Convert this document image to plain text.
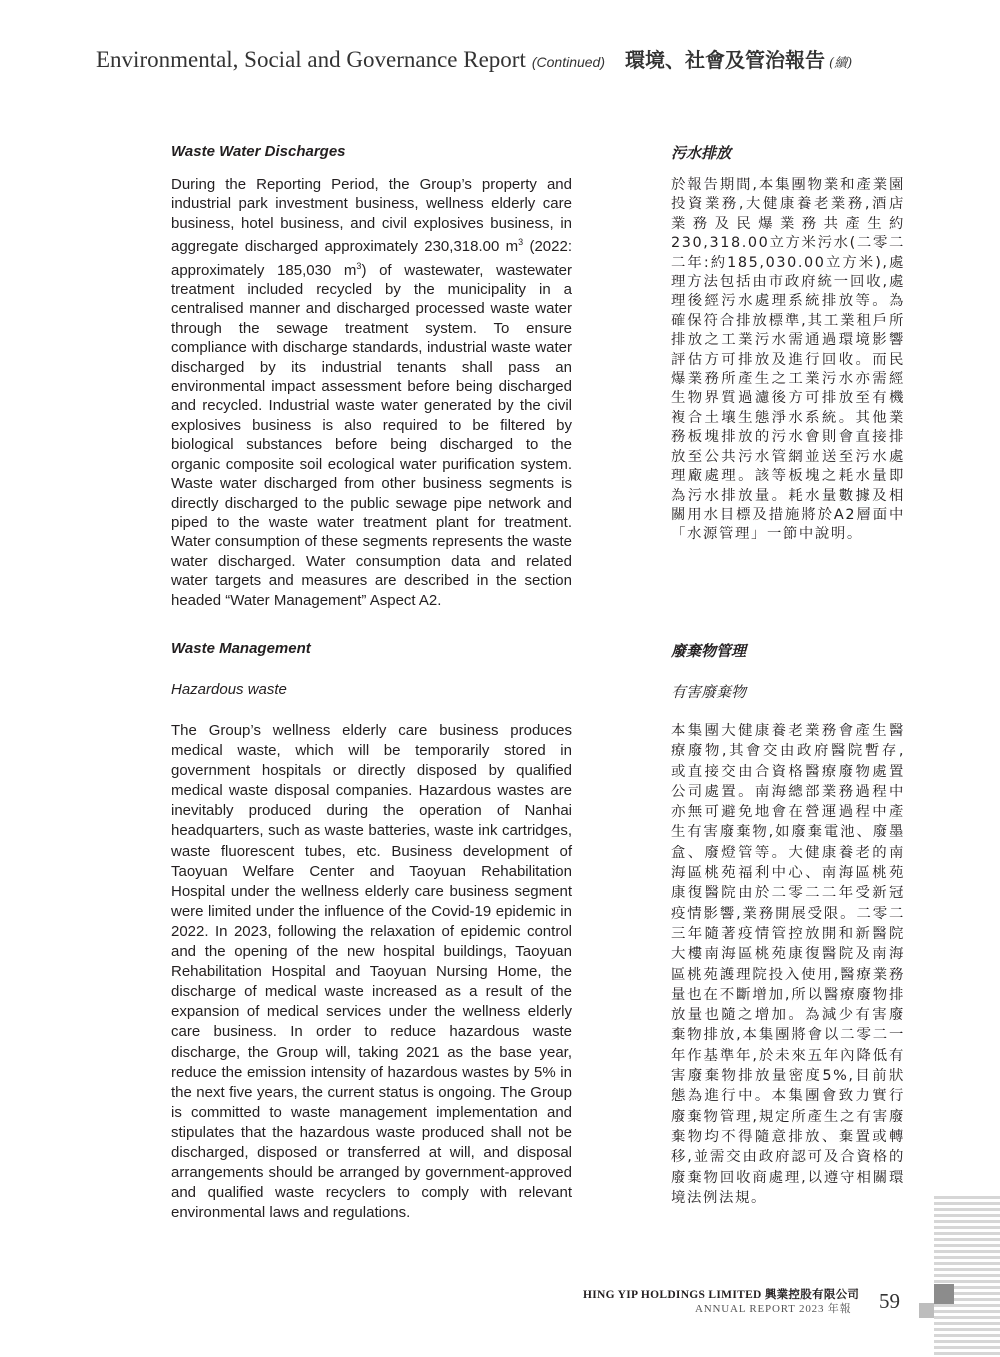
Environmental, Social and Governance Report (Continued) 環境、社會及管治報告 (續)

Waste Water Discharges

During the Reporting Period, the Group’s property and industrial park investment business, wellness elderly care business, hotel business, and civil explosives business, in aggregate discharged approximately 230,318.00 $m^3$ (2022: approximately 185,030 $m^3$) of wastewater, wastewater treatment included recycled by the municipality in a centralised manner and discharged processed waste water through the sewage treatment system. To ensure compliance with discharge standards, industrial waste water discharged by its industrial tenants shall pass an environmental impact assessment before being discharged and recycled. Industrial waste water generated by the civil explosives business is also required to be filtered by biological substances before being discharged to the organic composite soil ecological water purification system. Waste water discharged from other business segments is directly discharged to the public sewage pipe network and piped to the waste water treatment plant for treatment. Water consumption of these segments represents the waste water discharged. Water consumption data and related water targets and measures are described in the section headed “Water Management” Aspect A2.

污水排放

於報告期間,本集團物業和產業園投資業務,大健康養老業務,酒店業務及民爆業務共產生約230,318.00立方米污水(二零二二年:約185,030.00立方米),處理方法包括由市政府統一回收,處理後經污水處理系統排放等。為確保符合排放標準,其工業租戶所排放之工業污水需通過環境影響評估方可排放及進行回收。而民爆業務所產生之工業污水亦需經生物界質過濾後方可排放至有機複合土壤生態淨水系統。其他業務板塊排放的污水會則會直接排放至公共污水管網並送至污水處理廠處理。該等板塊之耗水量即為污水排放量。耗水量數據及相關用水目標及措施將於A2層面中「水源管理」一節中說明。

Waste Management

Hazardous waste

The Group’s wellness elderly care business produces medical waste, which will be temporarily stored in government hospitals or directly disposed by qualified medical waste disposal companies. Hazardous wastes are inevitably produced during the operation of Nanhai headquarters, such as waste batteries, waste ink cartridges, waste fluorescent tubes, etc. Business development of Taoyuan Welfare Center and Taoyuan Rehabilitation Hospital under the wellness elderly care business segment were limited under the influence of the Covid-19 epidemic in 2022. In 2023, following the relaxation of epidemic control and the opening of the new hospital buildings, Taoyuan Rehabilitation Hospital and Taoyuan Nursing Home, the discharge of medical waste increased as a result of the expansion of medical services under the wellness elderly care business. In order to reduce hazardous waste discharge, the Group will, taking 2021 as the base year, reduce the emission intensity of hazardous wastes by 5% in the next five years, the current status is ongoing. The Group is committed to waste management implementation and stipulates that the hazardous waste produced shall not be discharged, disposed or transferred at will, and disposal arrangements should be arranged by government-approved and qualified waste recyclers to comply with relevant environmental laws and regulations.

廢棄物管理

有害廢棄物

本集團大健康養老業務會產生醫療廢物,其會交由政府醫院暫存,或直接交由合資格醫療廢物處置公司處置。南海總部業務過程中亦無可避免地會在營運過程中產生有害廢棄物,如廢棄電池、廢墨盒、廢燈管等。大健康養老的南海區桃苑福利中心、南海區桃苑康復醫院由於二零二二年受新冠疫情影響,業務開展受限。二零二三年隨著疫情管控放開和新醫院大樓南海區桃苑康復醫院及南海區桃苑護理院投入使用,醫療業務量也在不斷增加,所以醫療廢物排放量也隨之增加。為減少有害廢棄物排放,本集團將會以二零二一年作基準年,於未來五年內降低有害廢棄物排放量密度5%,目前狀態為進行中。本集團會致力實行廢棄物管理,規定所產生之有害廢棄物均不得隨意排放、棄置或轉移,並需交由政府認可及合資格的廢棄物回收商處理,以遵守相關環境法例法規。

HING YIP HOLDINGS LIMITED 興業控股有限公司
ANNUAL REPORT 2023 年報 59
